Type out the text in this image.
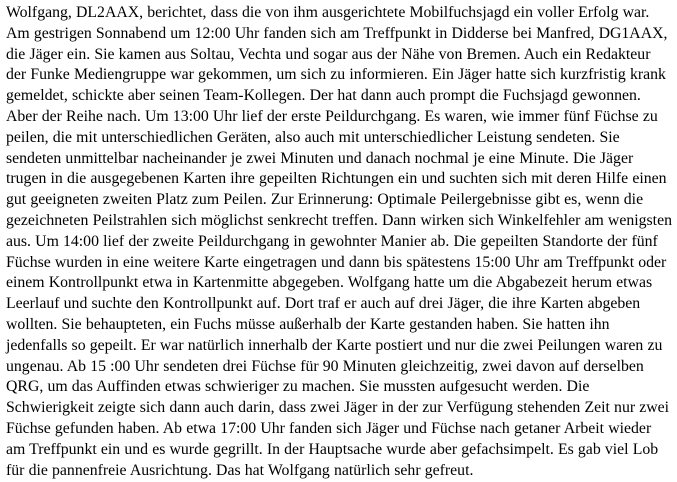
Wolfgang, DL2AAX, berichtet, dass die von ihm ausgerichtete Mobilfuchsjagd ein voller Erfolg war. Am gestrigen Sonnabend um 12:00 Uhr fanden sich am Treffpunkt in Didderse bei Manfred, DG1AAX, die Jäger ein. Sie kamen aus Soltau, Vechta und sogar aus der Nähe von Bremen. Auch ein Redakteur der Funke Mediengruppe war gekommen, um sich zu informieren. Ein Jäger hatte sich kurzfristig krank gemeldet, schickte aber seinen Team-Kollegen. Der hat dann auch prompt die Fuchsjagd gewonnen. Aber der Reihe nach. Um 13:00 Uhr lief der erste Peildurchgang. Es waren, wie immer fünf Füchse zu peilen, die mit unterschiedlichen Geräten, also auch mit unterschiedlicher Leistung sendeten. Sie sendeten unmittelbar nacheinander je zwei Minuten und danach nochmal je eine Minute. Die Jäger trugen in die ausgegebenen Karten ihre gepeilten Richtungen ein und suchten sich mit deren Hilfe einen gut geeigneten zweiten Platz zum Peilen. Zur Erinnerung: Optimale Peilergebnisse gibt es, wenn die gezeichneten Peilstrahlen sich möglichst senkrecht treffen. Dann wirken sich Winkelfehler am wenigsten aus. Um 14:00 lief der zweite Peildurchgang in gewohnter Manier ab. Die gepeilten Standorte der fünf Füchse wurden in eine weitere Karte eingetragen und dann bis spätestens 15:00 Uhr am Treffpunkt oder einem Kontrollpunkt etwa in Kartenmitte abgegeben. Wolfgang hatte um die Abgabezeit herum etwas Leerlauf und suchte den Kontrollpunkt auf. Dort traf er auch auf drei Jäger, die ihre Karten abgeben wollten. Sie behaupteten, ein Fuchs müsse außerhalb der Karte gestanden haben. Sie hatten ihn jedenfalls so gepeilt. Er war natürlich innerhalb der Karte postiert und nur die zwei Peilungen waren zu ungenau. Ab 15 :00 Uhr sendeten drei Füchse für 90 Minuten gleichzeitig, zwei davon auf derselben QRG, um das Auffinden etwas schwieriger zu machen. Sie mussten aufgesucht werden. Die Schwierigkeit zeigte sich dann auch darin, dass zwei Jäger in der zur Verfügung stehenden Zeit nur zwei Füchse gefunden haben. Ab etwa 17:00 Uhr fanden sich Jäger und Füchse nach getaner Arbeit wieder am Treffpunkt ein und es wurde gegrillt. In der Hauptsache wurde aber gefachsimpelt. Es gab viel Lob für die pannenfreie Ausrichtung. Das hat Wolfgang natürlich sehr gefreut.
